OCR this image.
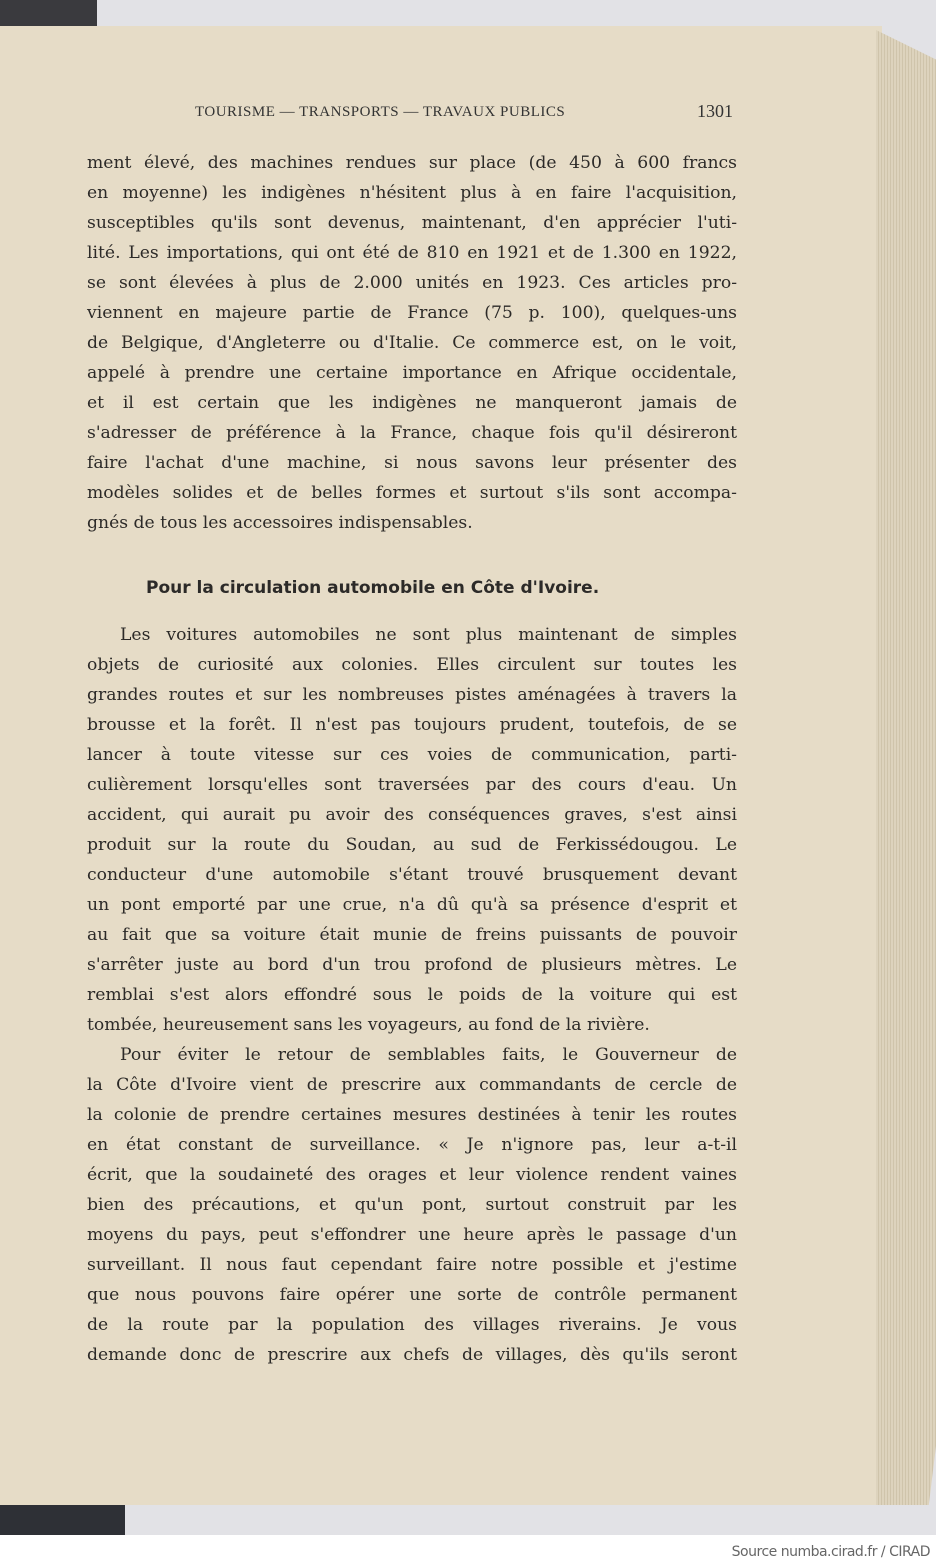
TOURISME — TRANSPORTS — TRAVAUX PUBLICS	1301
ment élevé, des machines rendues sur place (de 450 à 600 francs
en moyenne) les indigènes n'hésitent plus à en faire l'acquisition,
susceptibles qu'ils sont devenus, maintenant, d'en apprécier l'uti-
lité. Les importations, qui ont été de 810 en 1921 et de 1.300 en 1922,
se sont élevées à plus de 2.000 unités en 1923. Ces articles pro-
viennent en majeure partie de France (75 p. 100), quelques-uns
de Belgique, d'Angleterre ou d'Italie. Ce commerce est, on le voit,
appelé à prendre une certaine importance en Afrique occidentale,
et il est certain que les indigènes ne manqueront jamais de
s'adresser de préférence à la France, chaque fois qu'il désireront
faire l'achat d'une machine, si nous savons leur présenter des
modèles solides et de belles formes et surtout s'ils sont accompa-
gnés de tous les accessoires indispensables.
Pour la circulation automobile en Côte d'Ivoire.
Les voitures automobiles ne sont plus maintenant de simples
objets de curiosité aux colonies. Elles circulent sur toutes les
grandes routes et sur les nombreuses pistes aménagées à travers la
brousse et la forêt. Il n'est pas toujours prudent, toutefois, de se
lancer à toute vitesse sur ces voies de communication, parti-
culièrement lorsqu'elles sont traversées par des cours d'eau. Un
accident, qui aurait pu avoir des conséquences graves, s'est ainsi
produit sur la route du Soudan, au sud de Ferkissédougou. Le
conducteur d'une automobile s'étant trouvé brusquement devant
un pont emporté par une crue, n'a dû qu'à sa présence d'esprit et
au fait que sa voiture était munie de freins puissants de pouvoir
s'arrêter juste au bord d'un trou profond de plusieurs mètres. Le
remblai s'est alors effondré sous le poids de la voiture qui est
tombée, heureusement sans les voyageurs, au fond de la rivière.
Pour éviter le retour de semblables faits, le Gouverneur de
la Côte d'Ivoire vient de prescrire aux commandants de cercle de
la colonie de prendre certaines mesures destinées à tenir les routes
en état constant de surveillance. « Je n'ignore pas, leur a-t-il
écrit, que la soudaineté des orages et leur violence rendent vaines
bien des précautions, et qu'un pont, surtout construit par les
moyens du pays, peut s'effondrer une heure après le passage d'un
surveillant. Il nous faut cependant faire notre possible et j'estime
que nous pouvons faire opérer une sorte de contrôle permanent
de la route par la population des villages riverains. Je vous
demande donc de prescrire aux chefs de villages, dès qu'ils seront
Source numba.cirad.fr / CIRAD
